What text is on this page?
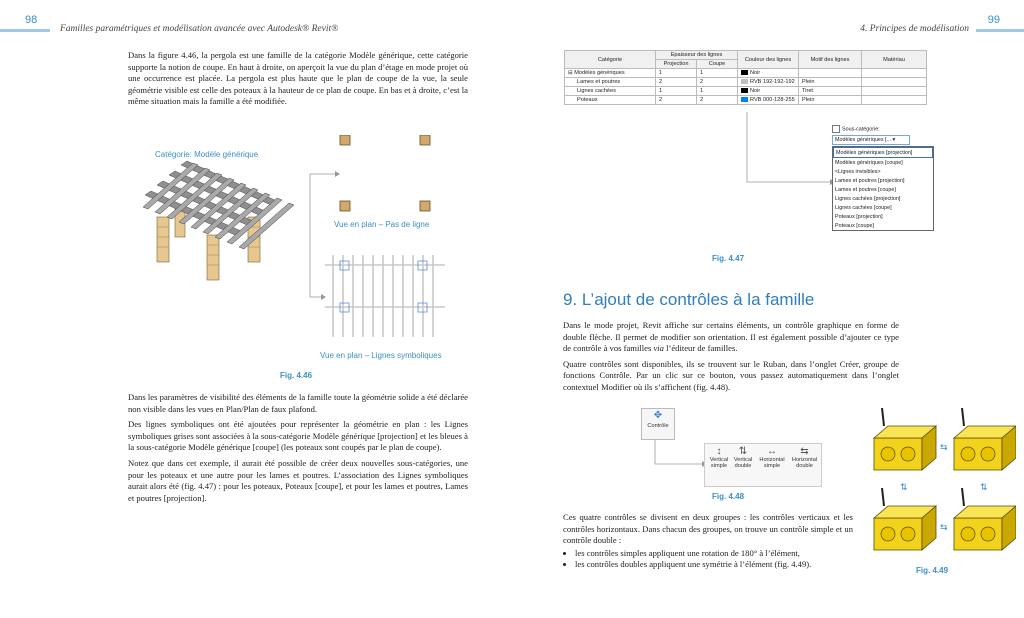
98
Familles paramétriques et modélisation avancée avec Autodesk® Revit®

Dans la figure 4.46, la pergola est une famille de la catégorie Modèle générique, cette catégorie supporte la notion de coupe. En haut à droite, on aperçoit la vue du plan d’étage en mode projet où une occurrence est placée. La pergola est plus haute que le plan de coupe de la vue, la seule géométrie visible est celle des poteaux à la hauteur de ce plan de coupe. En bas et à droite, c’est la même situation mais la famille a été modifiée.

Catégorie: Modèle générique
Vue en plan – Pas de ligne
Vue en plan – Lignes symboliques
Fig. 4.46

Dans les paramètres de visibilité des éléments de la famille toute la géométrie solide a été déclarée non visible dans les vues en Plan/Plan de faux plafond.

Des lignes symboliques ont été ajoutées pour représenter la géométrie en plan : les Lignes symboliques grises sont associées à la sous-catégorie Modèle générique [projection] et les bleues à la sous-catégorie Modèle générique [coupe] (les poteaux sont coupés par le plan de coupe).

Notez que dans cet exemple, il aurait été possible de créer deux nouvelles sous-catégories, une pour les poteaux et une autre pour les lames et poutres. L’association des Lignes symboliques aurait alors été (fig. 4.47) : pour les poteaux, Poteaux [coupe], et pour les lames et poutres, Lames et poutres [projection].

4. Principes de modélisation
99
Catégorie	Epaisseur des lignes		Couleur des lignes	Motif des lignes	Matériau
	Projection	Coupe			
⊟ Modèles génériques	1	1	Noir		
Lames et poutres	2	2	RVB 192-192-192	Plein	
Lignes cachées	1	1	Noir	Tiret	
Poteaux	2	2	RVB 000-128-255	Plein	
Sous-catégorie:
Modèles génériques [... ▾
Modèles génériques [projection]
Modèles génériques [coupe]
<Lignes invisibles>
Lames et poutres [projection]
Lames et poutres [coupe]
Lignes cachées [projection]
Lignes cachées [coupe]
Poteaux [projection]
Poteaux [coupe]
Fig. 4.47
9. L’ajout de contrôles à la famille

Dans le mode projet, Revit affiche sur certains éléments, un contrôle graphique en forme de double flèche. Il permet de modifier son orientation. Il est également possible d’ajouter ce type de contrôle à vos familles via l’éditeur de familles.

Quatre contrôles sont disponibles, ils se trouvent sur le Ruban, dans l’onglet Créer, groupe de fonctions Contrôle. Par un clic sur ce bouton, vous passez automatiquement dans l’onglet contextuel Modifier où ils s’affichent (fig. 4.48).

✥
Contrôle
↕
Vertical
simple
⇅
Vertical
double
↔
Horizontal
simple
⇆
Horizontal
double
Fig. 4.48

Ces quatre contrôles se divisent en deux groupes : les contrôles verticaux et les contrôles horizontaux. Dans chacun des groupes, on trouve un contrôle simple et un contrôle double :

• les contrôles simples appliquent une rotation de 180° à l’élément,
• les contrôles doubles appliquent une symétrie à l’élément (fig. 4.49).
⇆
⇆
⇅	⇅
Fig. 4.49
